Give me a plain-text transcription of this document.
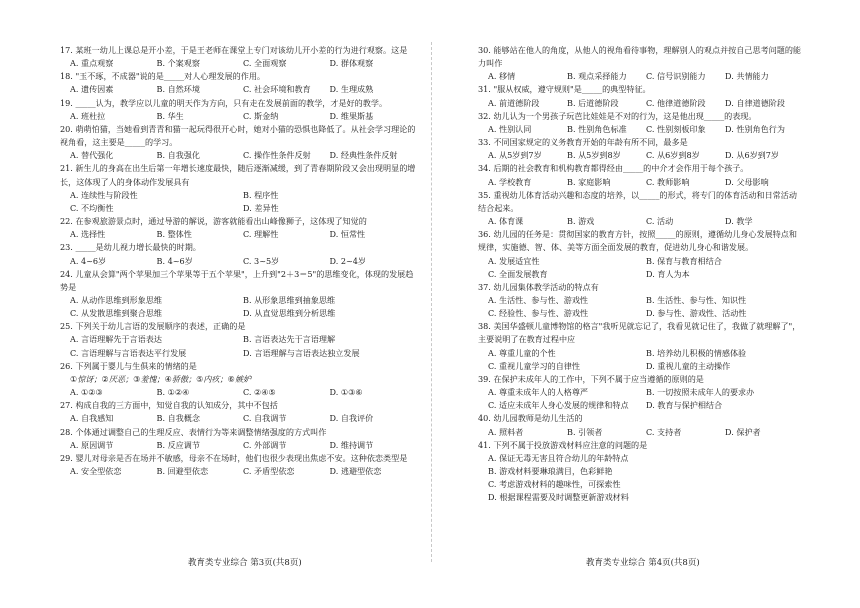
17. 某班一幼儿上课总是开小差，于是王老师在课堂上专门对该幼儿开小差的行为进行观察。这是
A. 重点观察	B. 个案观察	C. 全面观察	D. 群体观察
18. "玉不琢，不成器"说的是_____对人心理发展的作用。
A. 遗传因素	B. 自然环境	C. 社会环境和教育	D. 生理成熟
19. _____认为，教学应以儿童的明天作为方向，只有走在发展前面的教学，才是好的教学。
A. 班杜拉	B. 华生	C. 斯金纳	D. 维果斯基
20. 萌萌怕猫，当她看到青青和猫一起玩得很开心时，她对小猫的恐惧也降低了。从社会学习理论的视角看，这主要是_____的学习。
A. 替代强化	B. 自我强化	C. 操作性条件反射	D. 经典性条件反射
21. 新生儿的身高在出生后第一年增长速度最快，随后逐渐减缓，到了青春期阶段又会出现明显的增长，这体现了人的身体动作发展具有
A. 连续性与阶段性	B. 程序性
C. 不均衡性	D. 差异性
22. 在参观旅游景点时，通过导游的解说，游客就能看出山峰像狮子，这体现了知觉的
A. 选择性	B. 整体性	C. 理解性	D. 恒常性
23. _____是幼儿视力增长最快的时期。
A. 4~6岁	B. 4~6岁	C. 3~5岁	D. 2~4岁
24. 儿童从会算"两个苹果加三个苹果等于五个苹果"，上升到"2＋3＝5"的思维变化，体现的发展趋势是
A. 从动作思维到形象思维	B. 从形象思维到抽象思维
C. 从发散思维到聚合思维	D. 从直觉思维到分析思维
25. 下列关于幼儿言语的发展顺序的表述，正确的是
A. 言语理解先于言语表达	B. 言语表达先于言语理解
C. 言语理解与言语表达平行发展	D. 言语理解与言语表达独立发展
26. 下列属于婴儿与生俱来的情绪的是
①惊讶；②厌恶；③羞愧；④骄傲；⑤内疚；⑥嫉妒
A. ①②③	B. ①②④	C. ②④⑤	D. ①③⑥
27. 构成自我的三方面中，知觉自我的认知成分，其中不包括
A. 自我感知	B. 自我概念	C. 自我调节	D. 自我评价
28. 个体通过调整自己的生理反应、表情行为等来调整情绪强度的方式叫作
A. 原因调节	B. 反应调节	C. 外部调节	D. 维持调节
29. 婴儿对母亲是否在场并不敏感，母亲不在场时，他们也很少表现出焦虑不安。这种依恋类型是
A. 安全型依恋	B. 回避型依恋	C. 矛盾型依恋	D. 逃避型依恋
30. 能够站在他人的角度，从他人的视角看待事物，理解别人的观点并按自己思考问题的能力叫作
A. 移情	B. 观点采择能力	C. 信号识别能力	D. 共情能力
31. "服从权威，遵守规则"是_____的典型特征。
A. 前道德阶段	B. 后道德阶段	C. 他律道德阶段	D. 自律道德阶段
32. 幼儿认为一个男孩子玩芭比娃娃是不对的行为，这是他出现_____的表现。
A. 性别认同	B. 性别角色标准	C. 性别刻板印象	D. 性别角色行为
33. 不同国家规定的义务教育开始的年龄有所不同，最多是
A. 从5岁到7岁	B. 从5岁到8岁	C. 从6岁到8岁	D. 从6岁到7岁
34. 后期的社会教育和机构教育都得经由_____的中介才会作用于每个孩子。
A. 学校教育	B. 家庭影响	C. 教师影响	D. 父母影响
35. 重视幼儿体育活动兴趣和态度的培养，以_____的形式，将专门的体育活动和日常活动结合起来。
A. 体育课	B. 游戏	C. 活动	D. 教学
36. 幼儿园的任务是：贯彻国家的教育方针，按照_____的原则，遵循幼儿身心发展特点和规律，实施德、智、体、美等方面全面发展的教育，促进幼儿身心和谐发展。
A. 发展适宜性	B. 保育与教育相结合
C. 全面发展教育	D. 育人为本
37. 幼儿园集体教学活动的特点有
A. 生活性、参与性、游戏性	B. 生活性、参与性、知识性
C. 经验性、参与性、游戏性	D. 参与性、游戏性、活动性
38. 美国华盛顿儿童博物馆的格言"我听见就忘记了，我看见就记住了，我做了就理解了"，主要说明了在教育过程中应
A. 尊重儿童的个性	B. 培养幼儿积极的情感体验
C. 重视儿童学习的自律性	D. 重视儿童的主动操作
39. 在保护未成年人的工作中，下列不属于应当遵循的原则的是
A. 尊重未成年人的人格尊严	B. 一切按照未成年人的要求办
C. 适应未成年人身心发展的规律和特点	D. 教育与保护相结合
40. 幼儿园教师是幼儿生活的
A. 照料者	B. 引领者	C. 支持者	D. 保护者
41. 下列不属于投放游戏材料应注意的问题的是
A. 保证无毒无害且符合幼儿的年龄特点
B. 游戏材料要琳琅满目，色彩鲜艳
C. 考虑游戏材料的趣味性，可探索性
D. 根据课程需要及时调整更新游戏材料
教育类专业综合 第3页(共8页)	教育类专业综合 第4页(共8页)
